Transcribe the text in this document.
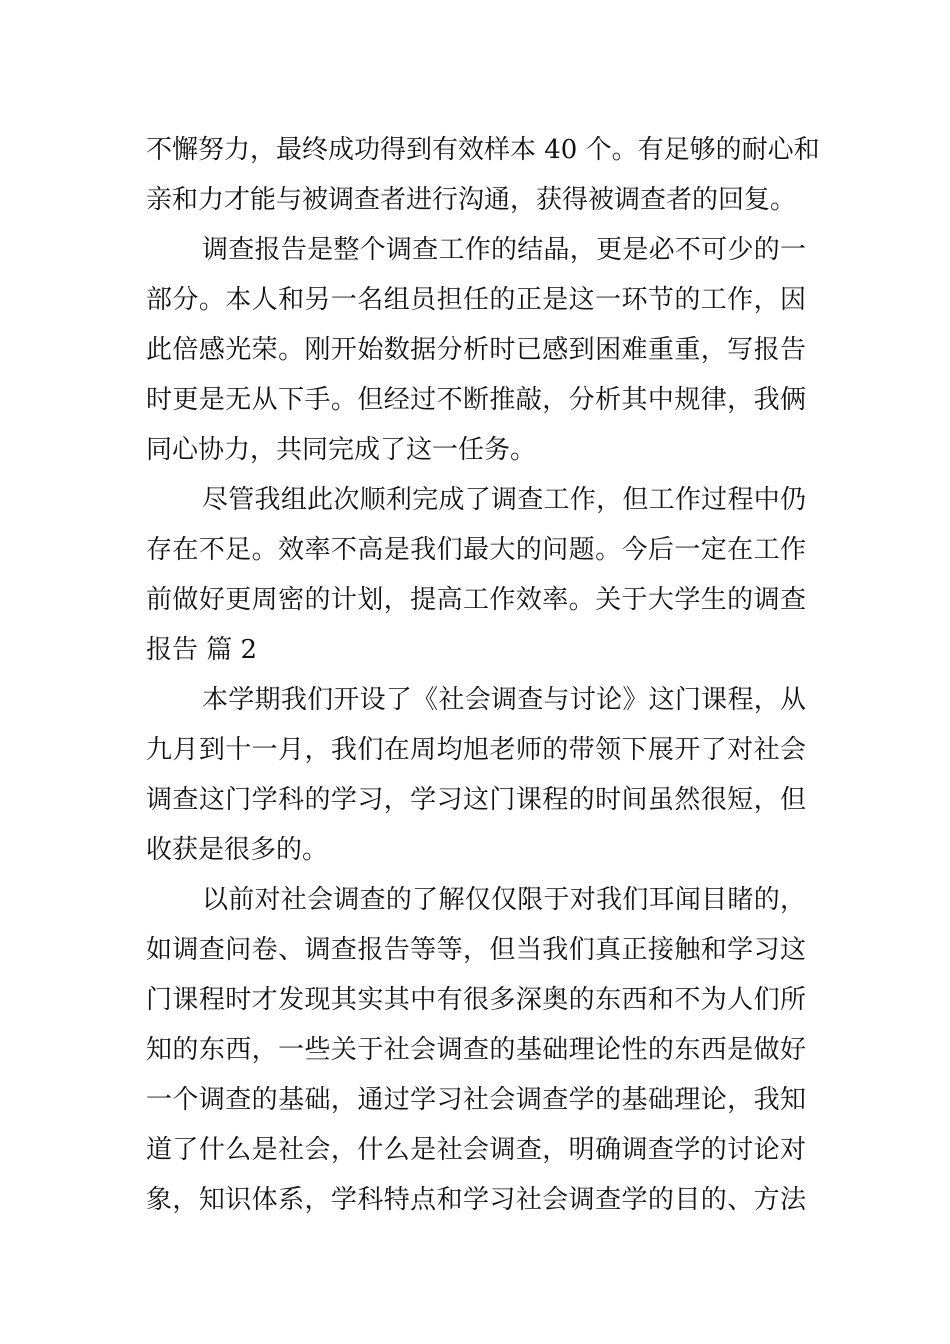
不懈努力，最终成功得到有效样本 40 个。有足够的耐心和
亲和力才能与被调查者进行沟通，获得被调查者的回复。
调查报告是整个调查工作的结晶，更是必不可少的一
部分。本人和另一名组员担任的正是这一环节的工作，因
此倍感光荣。刚开始数据分析时已感到困难重重，写报告
时更是无从下手。但经过不断推敲，分析其中规律，我俩
同心协力，共同完成了这一任务。
尽管我组此次顺利完成了调查工作，但工作过程中仍
存在不足。效率不高是我们最大的问题。今后一定在工作
前做好更周密的计划，提高工作效率。关于大学生的调查
报告 篇 2
本学期我们开设了《社会调查与讨论》这门课程，从
九月到十一月，我们在周均旭老师的带领下展开了对社会
调查这门学科的学习，学习这门课程的时间虽然很短，但
收获是很多的。
以前对社会调查的了解仅仅限于对我们耳闻目睹的，
如调查问卷、调查报告等等，但当我们真正接触和学习这
门课程时才发现其实其中有很多深奥的东西和不为人们所
知的东西，一些关于社会调查的基础理论性的东西是做好
一个调查的基础，通过学习社会调查学的基础理论，我知
道了什么是社会，什么是社会调查，明确调查学的讨论对
象，知识体系，学科特点和学习社会调查学的目的、方法
